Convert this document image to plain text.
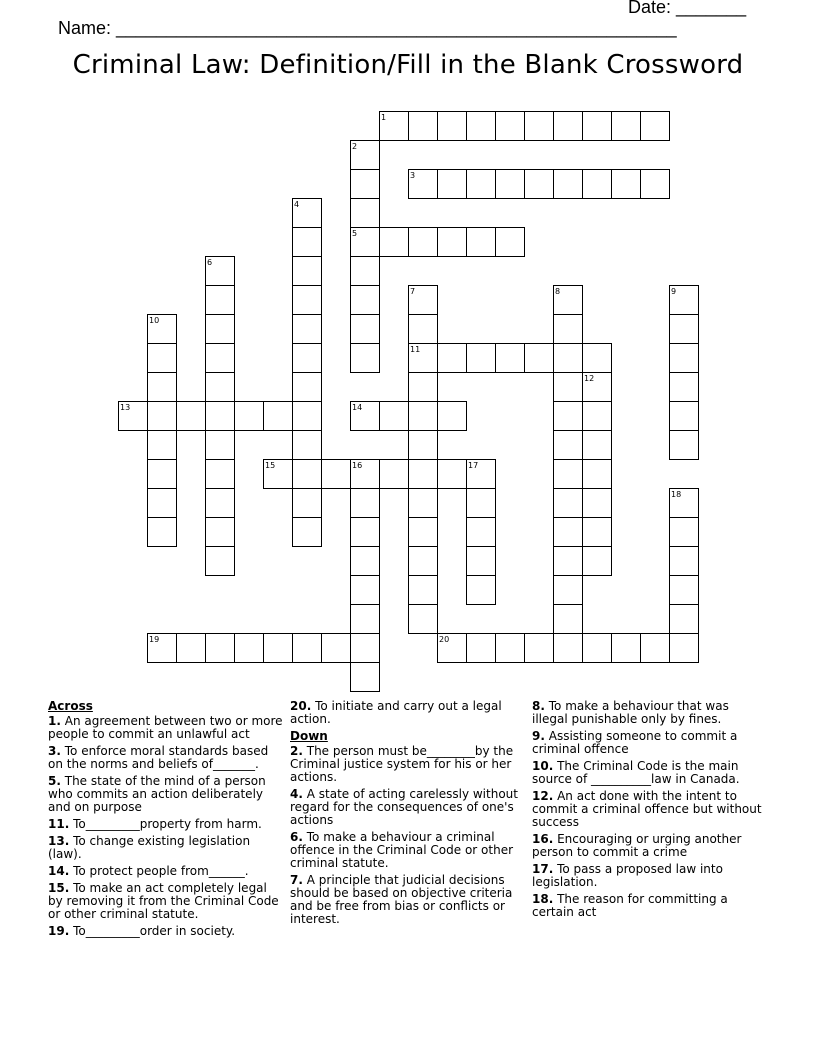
Name: ________________________________________________________

Date: _______

Criminal Law: Definition/Fill in the Blank Crossword
1
2
3
4
5
6
7	8	9
10
11
12
13	14
15	16	17
18
19	20
Across
1. An agreement between two or more people to commit an unlawful act
3. To enforce moral standards based on the norms and beliefs of_______.
5. The state of the mind of a person who commits an action deliberately and on purpose
11. To_________property from harm.
13. To change existing legislation (law).
14. To protect people from______.
15. To make an act completely legal by removing it from the Criminal Code or other criminal statute.
19. To_________order in society.
20. To initiate and carry out a legal action.
Down
2. The person must be________by the Criminal justice system for his or her actions.
4. A state of acting carelessly without regard for the consequences of one's actions
6. To make a behaviour a criminal offence in the Criminal Code or other criminal statute.
7. A principle that judicial decisions should be based on objective criteria and be free from bias or conflicts or interest.
8. To make a behaviour that was illegal punishable only by fines.
9. Assisting someone to commit a criminal offence
10. The Criminal Code is the main source of __________law in Canada.
12. An act done with the intent to commit a criminal offence but without success
16. Encouraging or urging another person to commit a crime
17. To pass a proposed law into legislation.
18. The reason for committing a certain act
